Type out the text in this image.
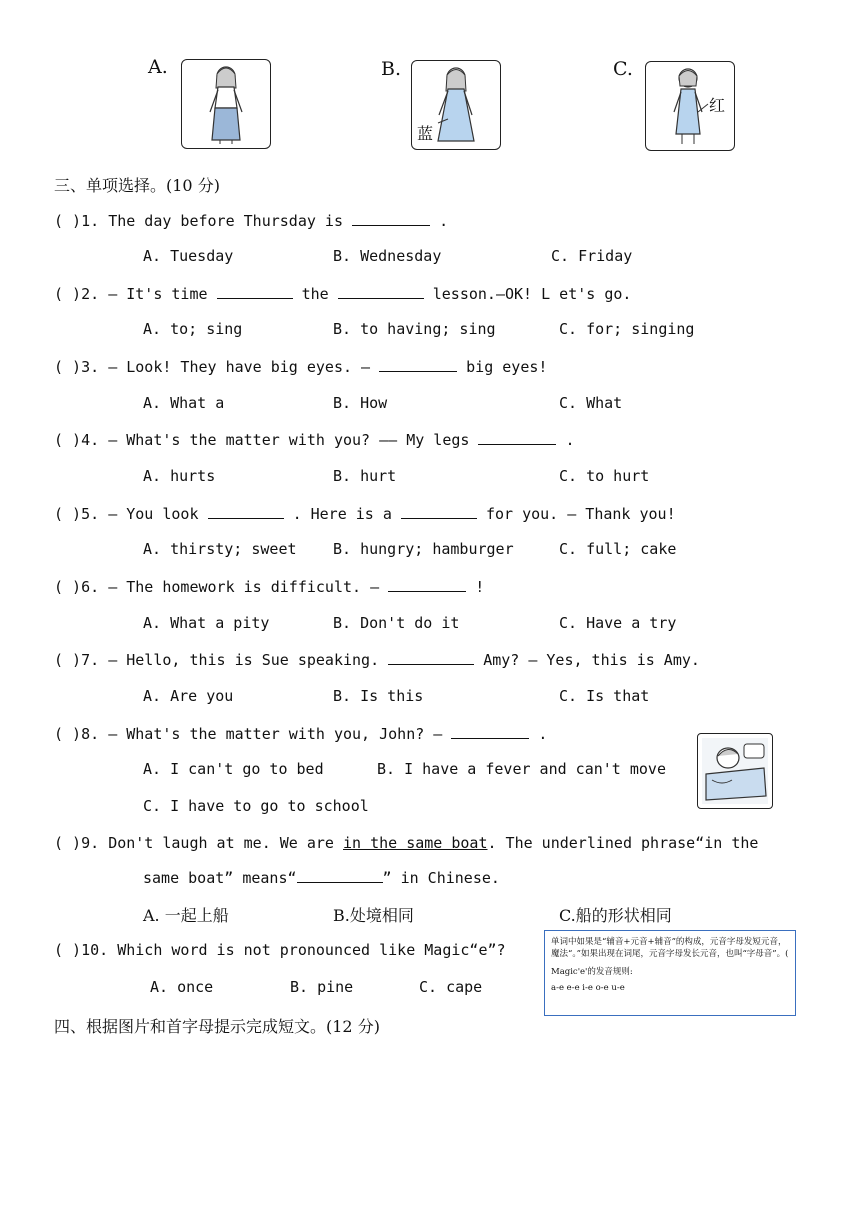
A.	B.
蓝
C.
红
三、单项选择。(10 分)
( )1. The day before Thursday is	.
A. Tuesday	B. Wednesday	C. Friday
( )2. — It's time	the	lesson.—OK! L et's go.
A. to; sing	B. to having; sing	C. for; singing
( )3. — Look! They have big eyes. —	big eyes!
A. What a	B. How	C. What
( )4. — What's the matter with you? —— My legs	.
A. hurts	B. hurt	C. to hurt
( )5. — You look	. Here is a	for you. — Thank you!
A. thirsty; sweet B. hungry; hamburger	C. full; cake
( )6. — The homework is difficult. —	!
A. What a pity	B. Don't do it	C. Have a try
( )7. — Hello, this is Sue speaking.	Amy? — Yes, this is Amy.
A. Are you	B. Is this	C. Is that
( )8. — What's the matter with you, John? —	.
A. I can't go to bed	B. I have a fever and can't move
C. I have to go to school
( )9. Don't laugh at me. We are in the same boat. The underlined phrase“in the
same boat” means“	” in Chinese.
A. 一起上船	B.处境相同	C.船的形状相同
( )10. Which word is not pronounced like Magic“e”?
A. once	B. pine	C. cape
单词中如果是“辅音+元音+辅音”的构成，元音字母发短元音，魔法“。”如果出现在词尾，元音字母发长元音，也叫“字母音”。(
Magic'e'的发音规则:
a-e e-e i-e o-e u-e
四、根据图片和首字母提示完成短文。(12 分)
